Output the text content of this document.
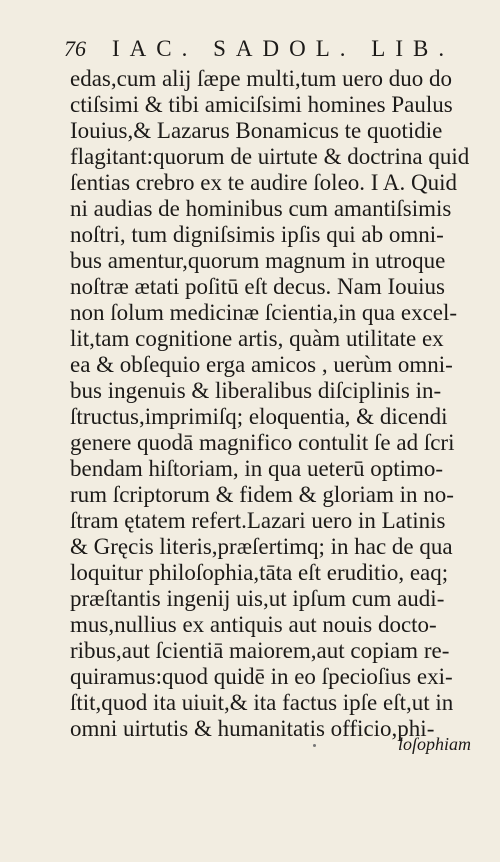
76 IAC. SADOL. LIB.
edas,cum alij ſæpe multi,tum uero duo do
ctiſsimi & tibi amiciſsimi homines Paulus
Iouius,& Lazarus Bonamicus te quotidie
flagitant:quorum de uirtute & doctrina quid
ſentias crebro ex te audire ſoleo. I A. Quid
ni audias de hominibus cum amantiſsimis
noſtri, tum digniſsimis ipſis qui ab omni-
bus amentur,quorum magnum in utroque
noſtræ ætati poſitū eſt decus. Nam Iouius
non ſolum medicinæ ſcientia,in qua excel-
lit,tam cognitione artis, quàm utilitate ex
ea & obſequio erga amicos , uerùm omni-
bus ingenuis & liberalibus diſciplinis in-
ſtructus,imprimiſq; eloquentia, & dicendi
genere quodā magnifico contulit ſe ad ſcri
bendam hiſtoriam, in qua ueterū optimo-
rum ſcriptorum & fidem & gloriam in no-
ſtram ętatem refert.Lazari uero in Latinis
& Gręcis literis,præſertimq; in hac de qua
loquitur philoſophia,tāta eſt eruditio, eaq;
præſtantis ingenij uis,ut ipſum cum audi-
mus,nullius ex antiquis aut nouis docto-
ribus,aut ſcientiā maiorem,aut copiam re-
quiramus:quod quidē in eo ſpecioſius exi-
ſtit,quod ita uiuit,& ita factus ipſe eſt,ut in
omni uirtutis & humanitatis officio,phi-
loſophiam
